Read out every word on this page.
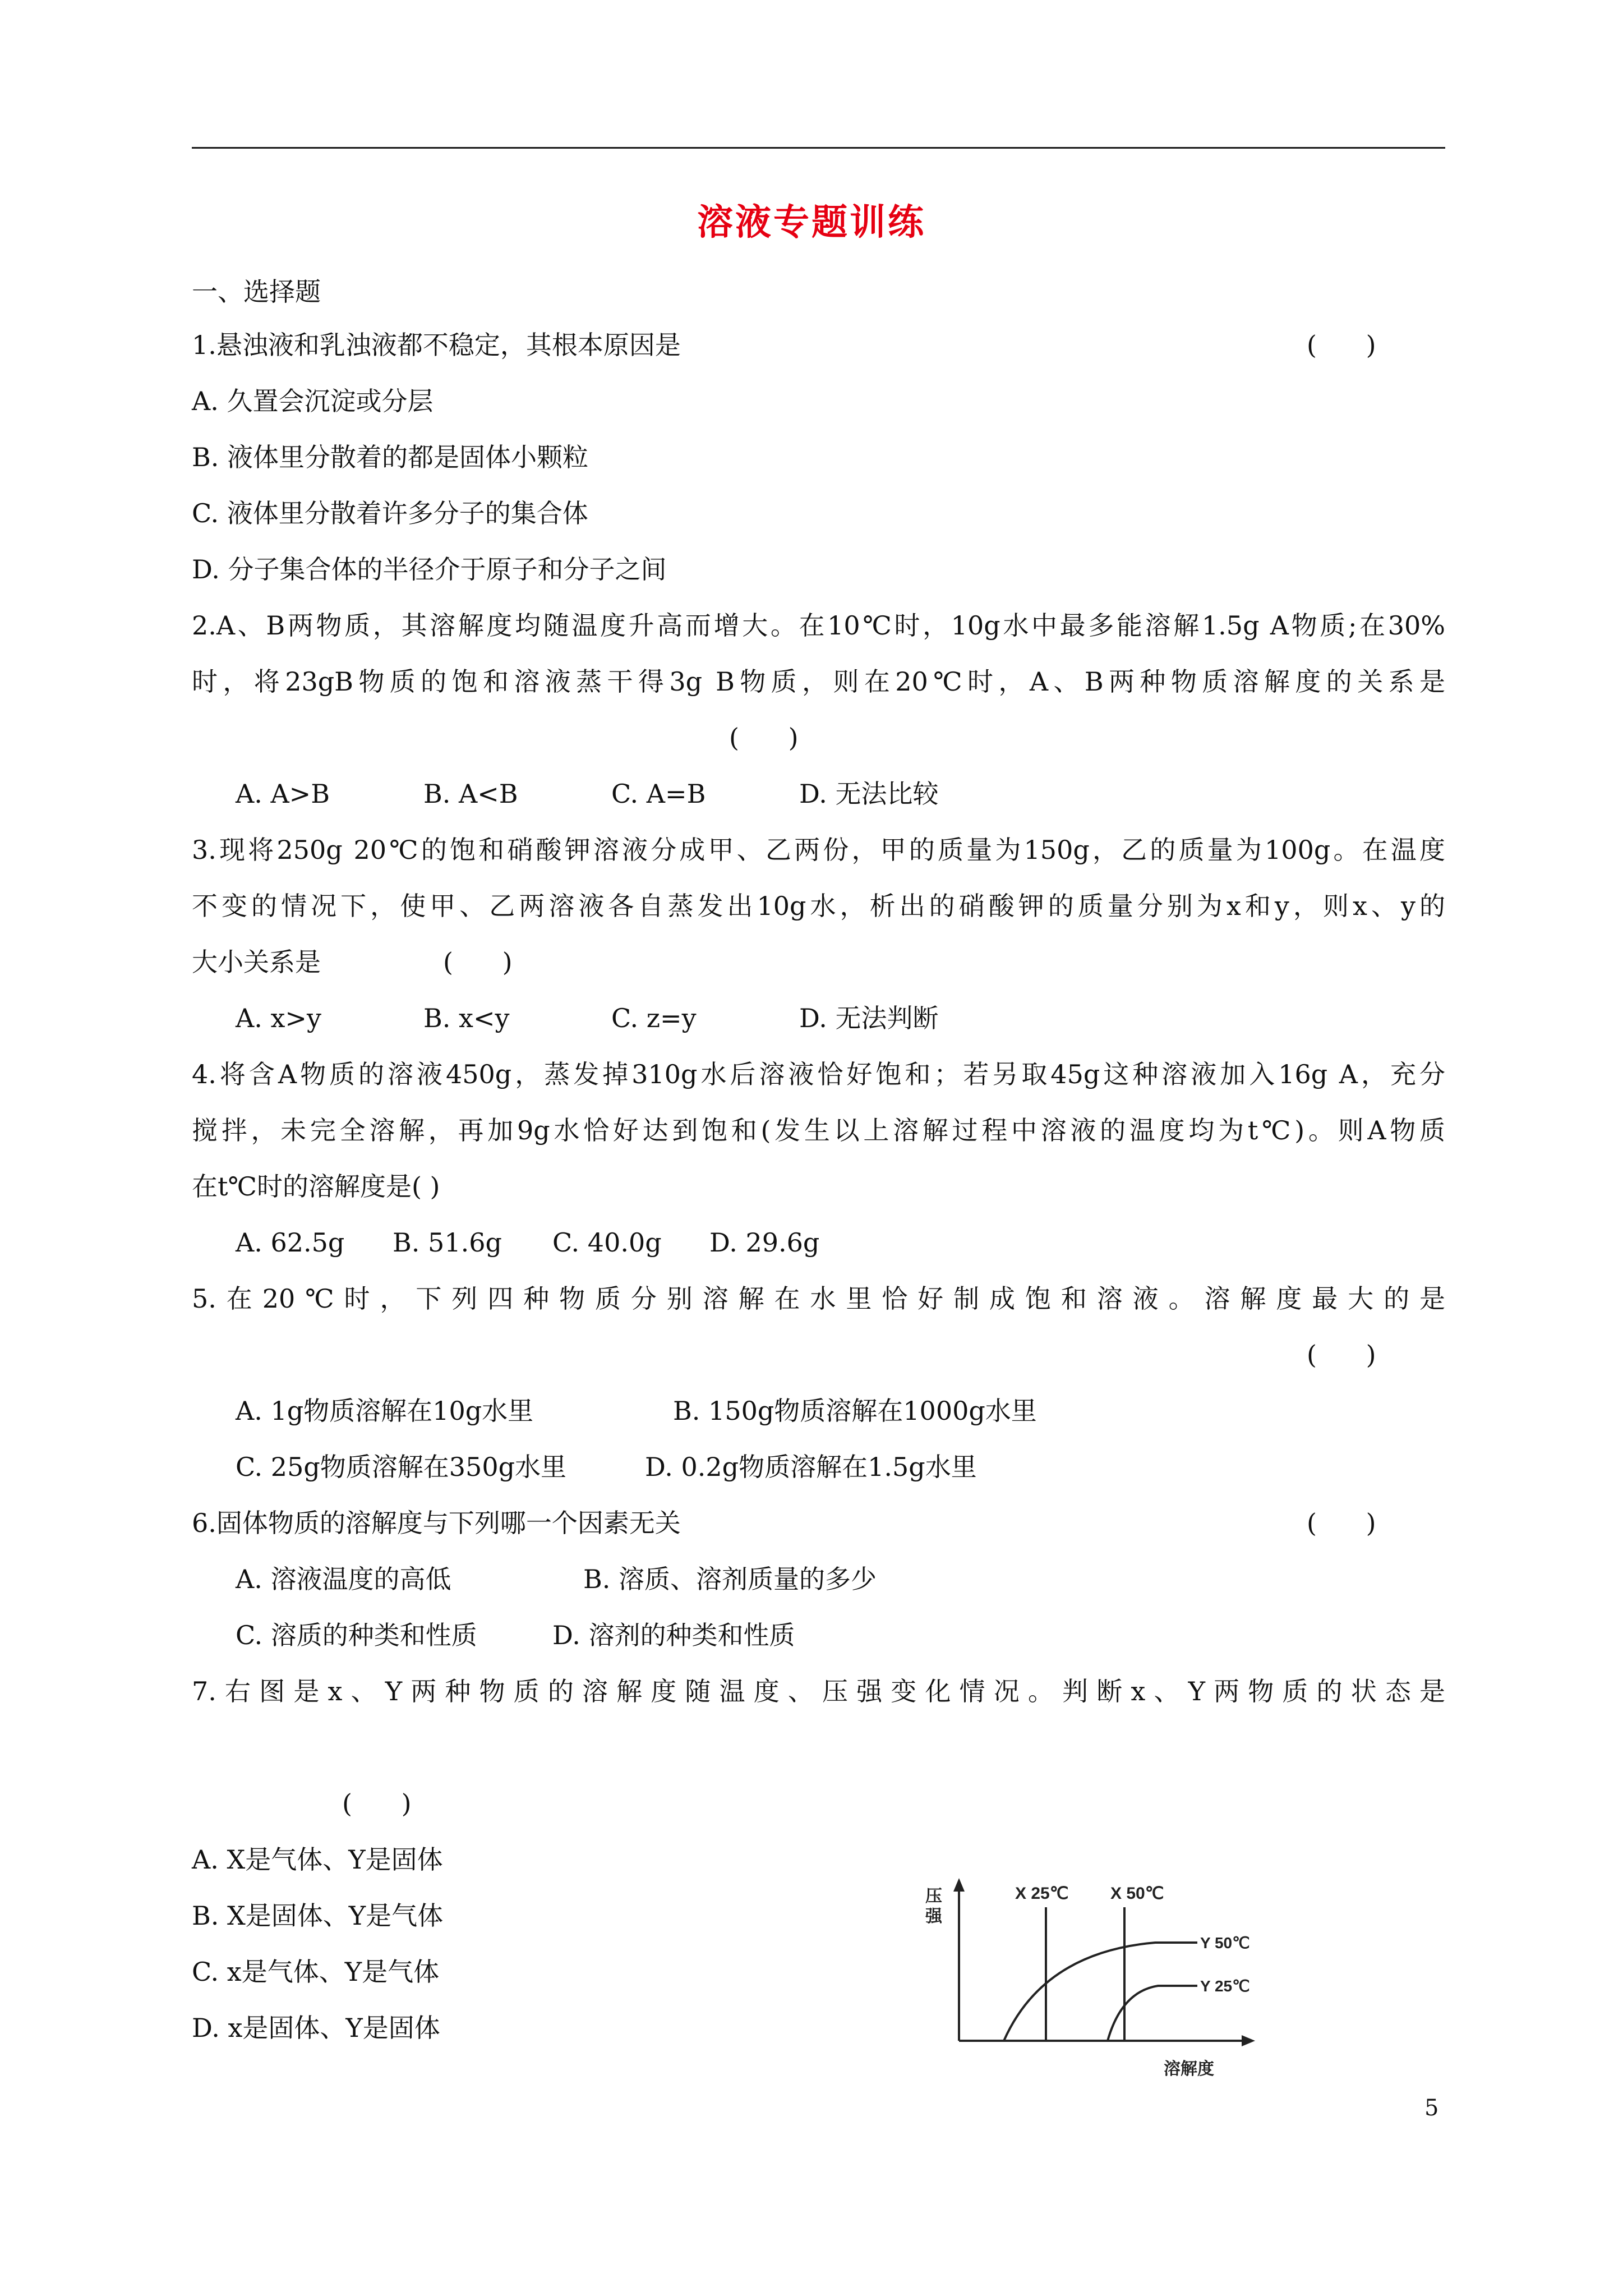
溶液专题训练
一、选择题
1.悬浊液和乳浊液都不稳定，其根本原因是	(      )
A. 久置会沉淀或分层
B. 液体里分散着的都是固体小颗粒
C. 液体里分散着许多分子的集合体
D. 分子集合体的半径介于原子和分子之间
2.A、B两物质，其溶解度均随温度升高而增大。在10℃时，10g水中最多能溶解1.5g A物质;在30%
时，将23gB物质的饱和溶液蒸干得3g B物质，则在20℃时，A、B两种物质溶解度的关系是
(      )
A. A>B	B. A<B	C. A=B	D. 无法比较
3.现将250g 20℃的饱和硝酸钾溶液分成甲、乙两份，甲的质量为150g，乙的质量为100g。在温度
不变的情况下，使甲、乙两溶液各自蒸发出10g水，析出的硝酸钾的质量分别为x和y，则x、y的
大小关系是	(      )
A. x>y	B. x<y	C. z=y	D. 无法判断
4.将含A物质的溶液450g，蒸发掉310g水后溶液恰好饱和；若另取45g这种溶液加入16g A，充分
搅拌，未完全溶解，再加9g水恰好达到饱和(发生以上溶解过程中溶液的温度均为t℃)。则A物质
在t℃时的溶解度是( )
A. 62.5g B. 51.6g C. 40.0g D. 29.6g
5.在20℃时，下列四种物质分别溶解在水里恰好制成饱和溶液。溶解度最大的是
(      )
A. 1g物质溶解在10g水里	B. 150g物质溶解在1000g水里
C. 25g物质溶解在350g水里	D. 0.2g物质溶解在1.5g水里
6.固体物质的溶解度与下列哪一个因素无关	(      )
A. 溶液温度的高低	B. 溶质、溶剂质量的多少
C. 溶质的种类和性质	D. 溶剂的种类和性质
7.右图是x、Y两种物质的溶解度随温度、压强变化情况。判断x、Y两物质的状态是
(      )
A. X是气体、Y是固体
B. X是固体、Y是气体
C. x是气体、Y是气体
D. x是固体、Y是固体
压
强
溶解度
X 25℃ X 50℃
Y 50℃
Y 25℃
5
